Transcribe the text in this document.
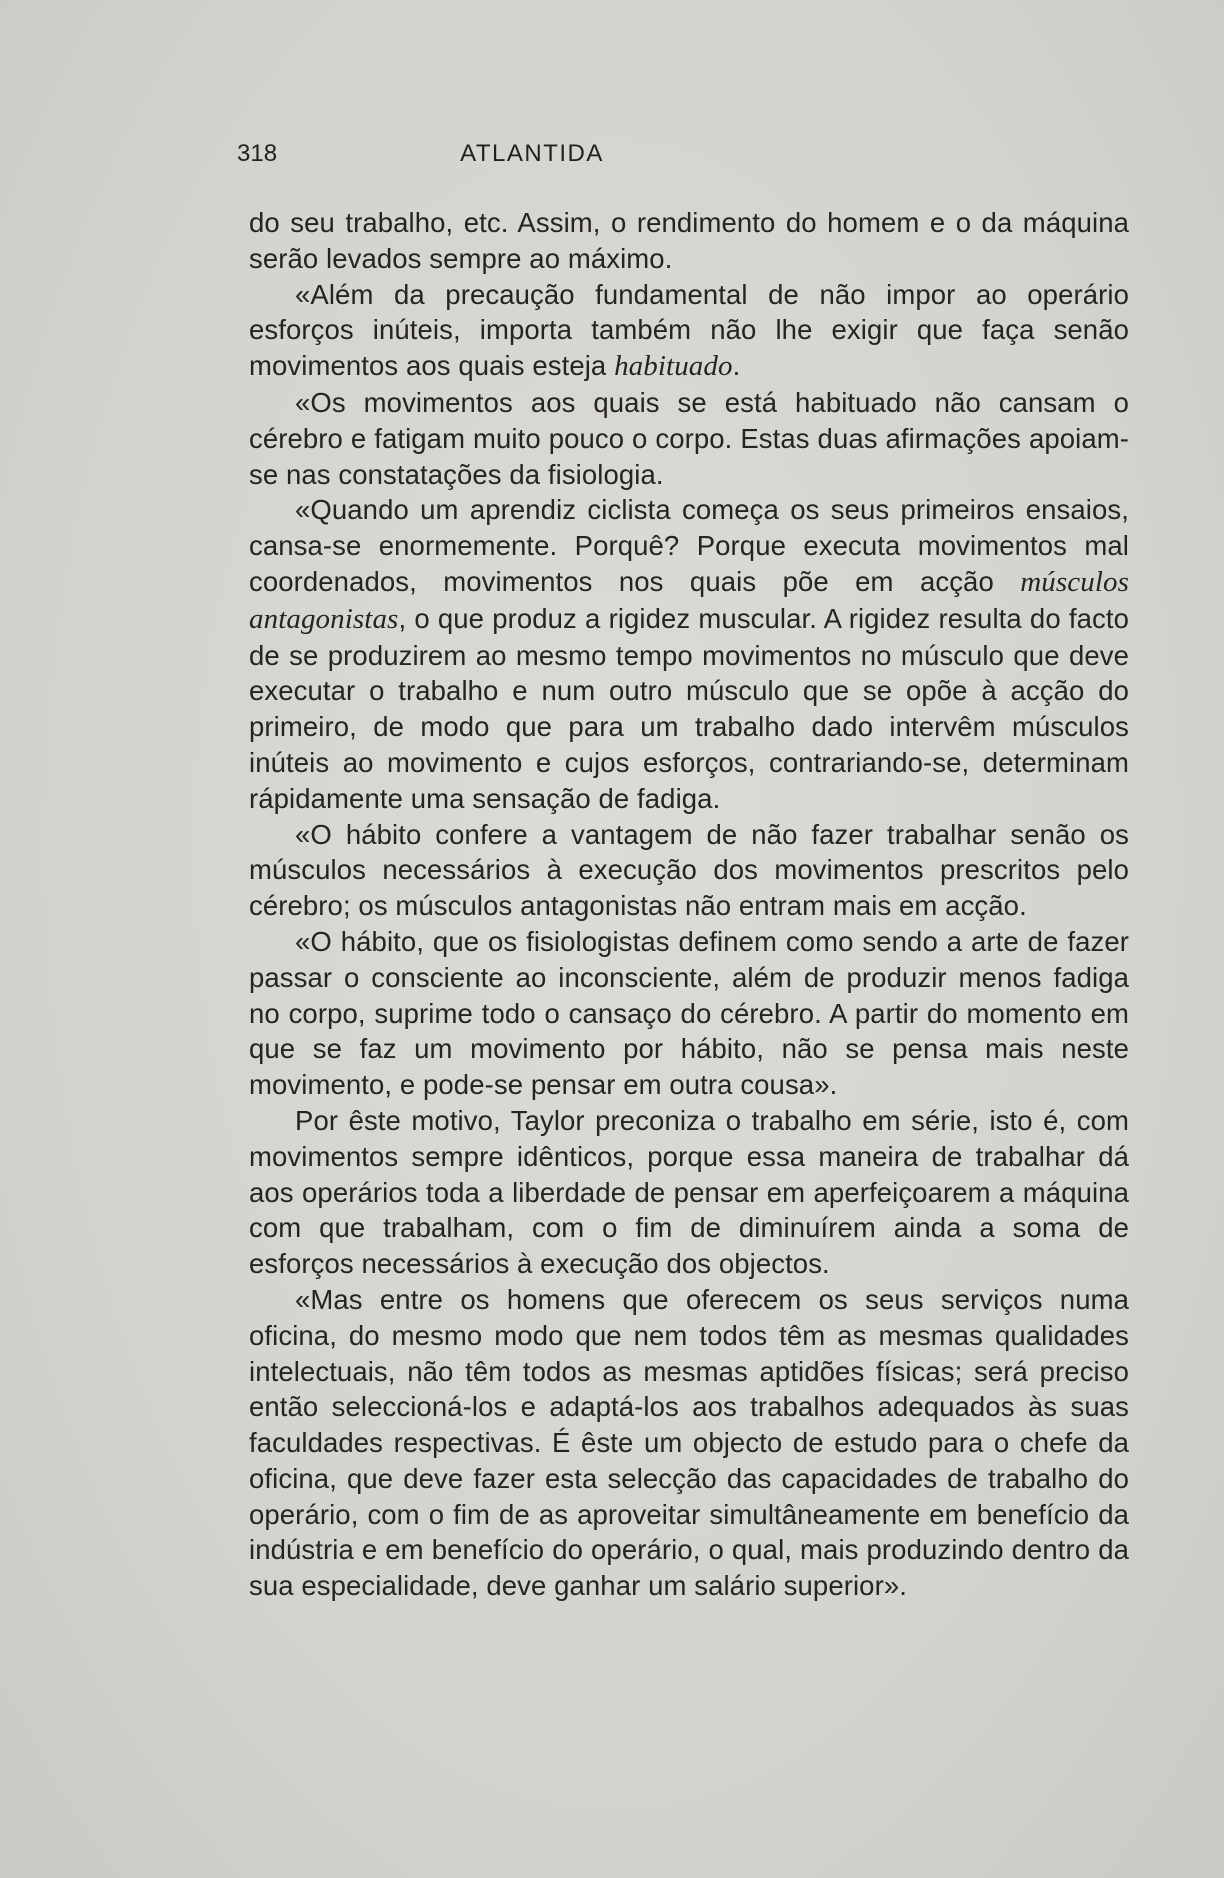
318	ATLANTIDA

do seu trabalho, etc. Assim, o rendimento do homem e o da máquina serão levados sempre ao máximo.

«Além da precaução fundamental de não impor ao operário esforços inúteis, importa também não lhe exigir que faça senão movimentos aos quais esteja habituado.

«Os movimentos aos quais se está habituado não cansam o cérebro e fatigam muito pouco o corpo. Estas duas afirmações apoiam-se nas constatações da fisiologia.

«Quando um aprendiz ciclista começa os seus primeiros ensaios, cansa-se enormemente. Porquê? Porque executa movimentos mal coordenados, movimentos nos quais põe em acção músculos antagonistas, o que produz a rigidez muscular. A rigidez resulta do facto de se produzirem ao mesmo tempo movimentos no músculo que deve executar o trabalho e num outro músculo que se opõe à acção do primeiro, de modo que para um trabalho dado intervêm músculos inúteis ao movimento e cujos esforços, contrariando-se, determinam rápidamente uma sensação de fadiga.

«O hábito confere a vantagem de não fazer trabalhar senão os músculos necessários à execução dos movimentos prescritos pelo cérebro; os músculos antagonistas não entram mais em acção.

«O hábito, que os fisiologistas definem como sendo a arte de fazer passar o consciente ao inconsciente, além de produzir menos fadiga no corpo, suprime todo o cansaço do cérebro. A partir do momento em que se faz um movimento por hábito, não se pensa mais neste movimento, e pode-se pensar em outra cousa».

Por êste motivo, Taylor preconiza o trabalho em série, isto é, com movimentos sempre idênticos, porque essa maneira de trabalhar dá aos operários toda a liberdade de pensar em aperfeiçoarem a máquina com que trabalham, com o fim de diminuírem ainda a soma de esforços necessários à execução dos objectos.

«Mas entre os homens que oferecem os seus serviços numa oficina, do mesmo modo que nem todos têm as mesmas qualidades intelectuais, não têm todos as mesmas aptidões físicas; será preciso então seleccioná-los e adaptá-los aos trabalhos adequados às suas faculdades respectivas. É êste um objecto de estudo para o chefe da oficina, que deve fazer esta selecção das capacidades de trabalho do operário, com o fim de as aproveitar simultâneamente em benefício da indústria e em benefício do operário, o qual, mais produzindo dentro da sua especialidade, deve ganhar um salário superior».
